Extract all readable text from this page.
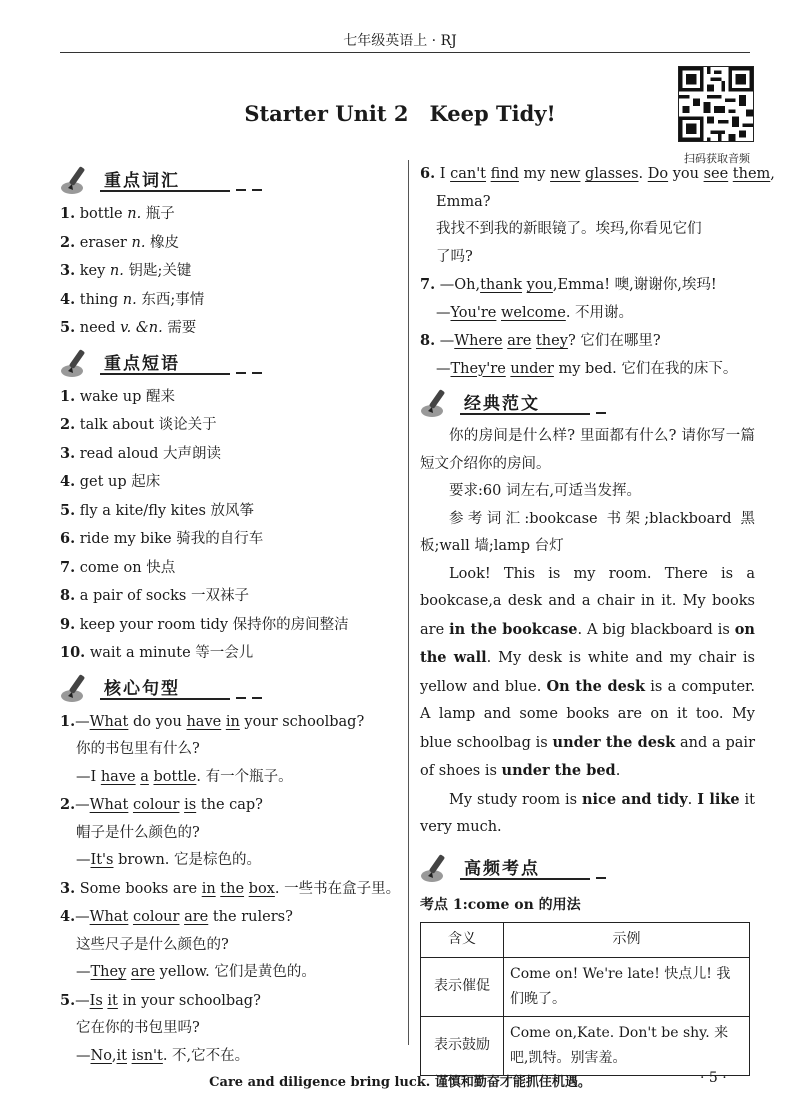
七年级英语上 · RJ
Starter Unit 2　Keep Tidy!
扫码获取音频
重点词汇
1. bottle n. 瓶子
2. eraser n. 橡皮
3. key n. 钥匙;关键
4. thing n. 东西;事情
5. need v. &n. 需要
重点短语
1. wake up 醒来
2. talk about 谈论关于
3. read aloud 大声朗读
4. get up 起床
5. fly a kite/fly kites 放风筝
6. ride my bike 骑我的自行车
7. come on 快点
8. a pair of socks 一双袜子
9. keep your room tidy 保持你的房间整洁
10. wait a minute 等一会儿
核心句型
1.—What do you have in your schoolbag?
你的书包里有什么?
—I have a bottle. 有一个瓶子。
2.—What colour is the cap?
帽子是什么颜色的?
—It's brown. 它是棕色的。
3. Some books are in the box. 一些书在盒子里。
4.—What colour are the rulers?
这些尺子是什么颜色的?
—They are yellow. 它们是黄色的。
5.—Is it in your schoolbag?
它在你的书包里吗?
—No,it isn't. 不,它不在。
6. I can't find my new glasses. Do you see them,
Emma?
我找不到我的新眼镜了。埃玛,你看见它们
了吗?
7. —Oh,thank you,Emma! 噢,谢谢你,埃玛!
—You're welcome. 不用谢。
8. —Where are they? 它们在哪里?
—They're under my bed. 它们在我的床下。
经典范文
你的房间是什么样? 里面都有什么? 请你写一篇短文介绍你的房间。
要求:60 词左右,可适当发挥。
参考词汇:bookcase 书架;blackboard 黑板;wall 墙;lamp 台灯
Look! This is my room. There is a bookcase,a desk and a chair in it. My books are in the bookcase. A big blackboard is on the wall. My desk is white and my chair is yellow and blue. On the desk is a computer. A lamp and some books are on it too. My blue schoolbag is under the desk and a pair of shoes is under the bed.
My study room is nice and tidy. I like it very much.
高频考点
考点 1:come on 的用法
含义	示例
表示催促	Come on! We're late! 快点儿! 我们晚了。
表示鼓励	Come on,Kate. Don't be shy. 来吧,凯特。别害羞。
Care and diligence bring luck. 谨慎和勤奋才能抓住机遇。	· 5 ·
